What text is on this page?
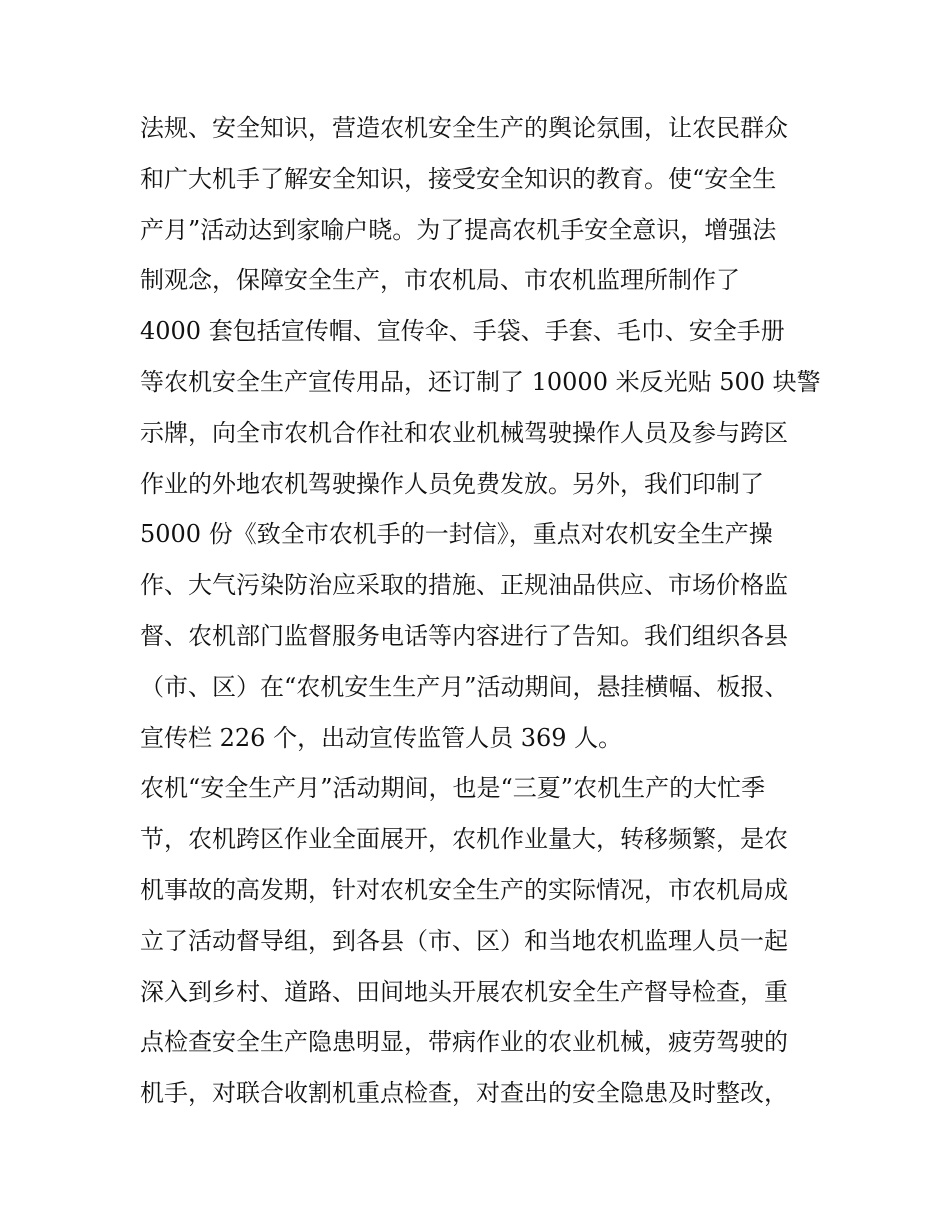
法规、安全知识，营造农机安全生产的舆论氛围，让农民群众
和广大机手了解安全知识，接受安全知识的教育。使“安全生
产月”活动达到家喻户晓。为了提高农机手安全意识，增强法
制观念，保障安全生产，市农机局、市农机监理所制作了
4000 套包括宣传帽、宣传伞、手袋、手套、毛巾、安全手册
等农机安全生产宣传用品，还订制了 10000 米反光贴 500 块警
示牌，向全市农机合作社和农业机械驾驶操作人员及参与跨区
作业的外地农机驾驶操作人员免费发放。另外，我们印制了
5000 份《致全市农机手的一封信》，重点对农机安全生产操
作、大气污染防治应采取的措施、正规油品供应、市场价格监
督、农机部门监督服务电话等内容进行了告知。我们组织各县
（市、区）在“农机安生生产月”活动期间，悬挂横幅、板报、
宣传栏 226 个，出动宣传监管人员 369 人。
农机“安全生产月”活动期间，也是“三夏”农机生产的大忙季
节，农机跨区作业全面展开，农机作业量大，转移频繁，是农
机事故的高发期，针对农机安全生产的实际情况，市农机局成
立了活动督导组，到各县（市、区）和当地农机监理人员一起
深入到乡村、道路、田间地头开展农机安全生产督导检查，重
点检查安全生产隐患明显，带病作业的农业机械，疲劳驾驶的
机手，对联合收割机重点检查，对查出的安全隐患及时整改，
